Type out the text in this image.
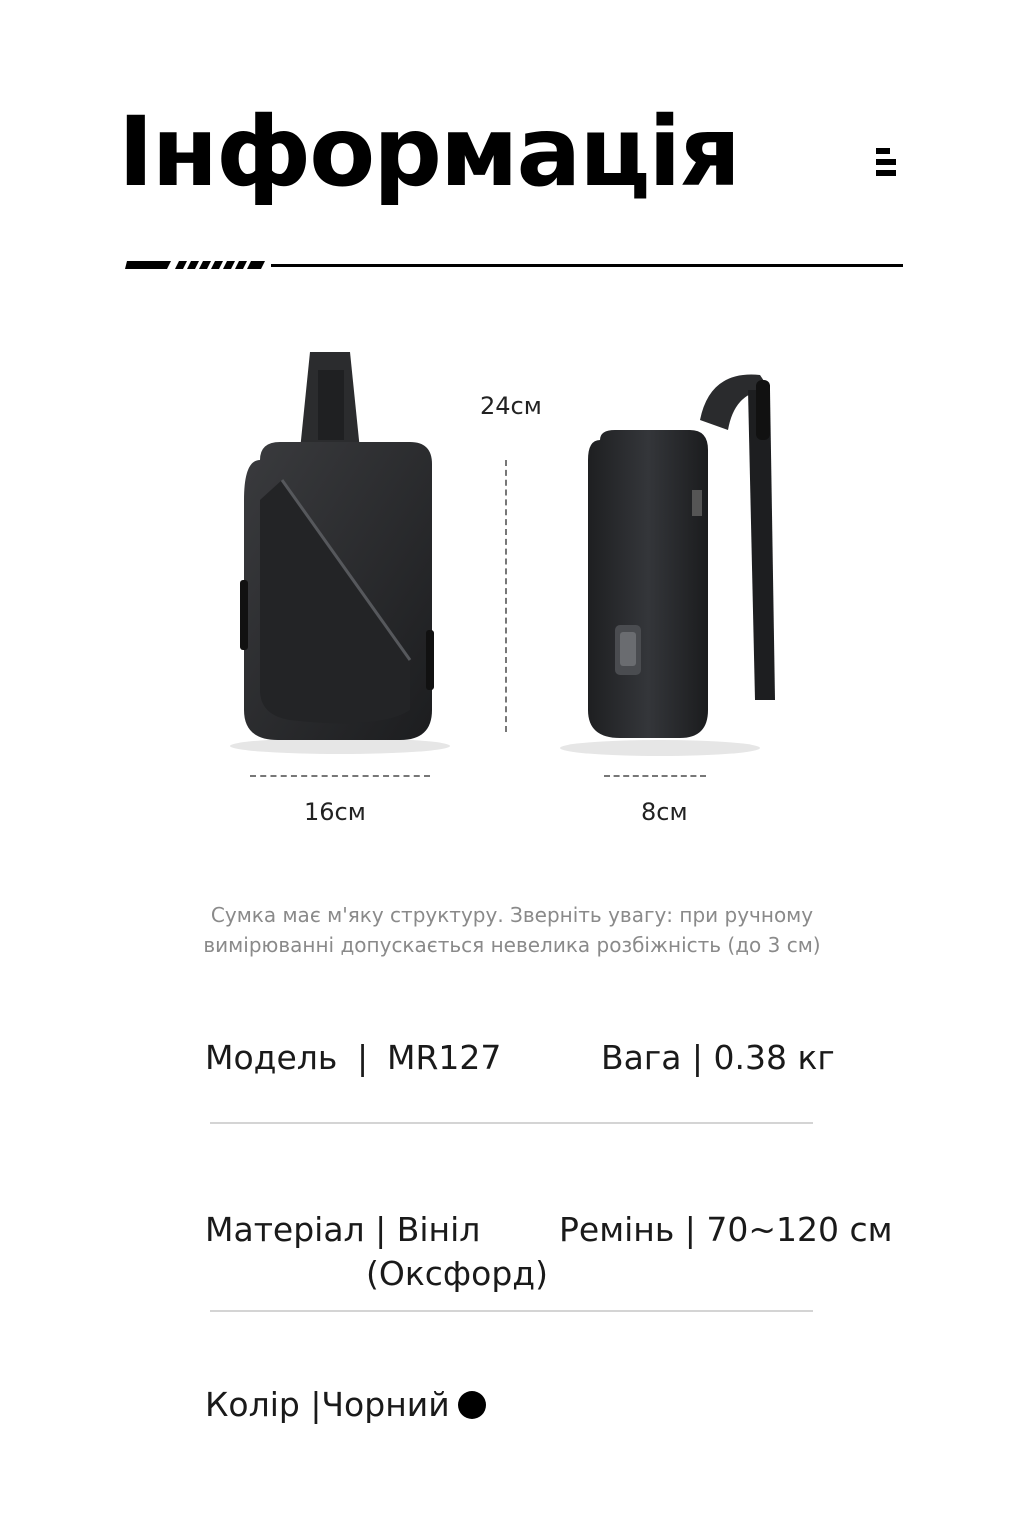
Інформація
24см
16см	8см
Сумка має м'яку структуру. Зверніть увагу: при ручному
вимірюванні допускається невелика розбіжність (до 3 см)
Модель | MR127	Вага | 0.38 кг
Матеріал | Вініл
(Оксфорд)
Ремінь | 70~120 см
Колір |Чорний
